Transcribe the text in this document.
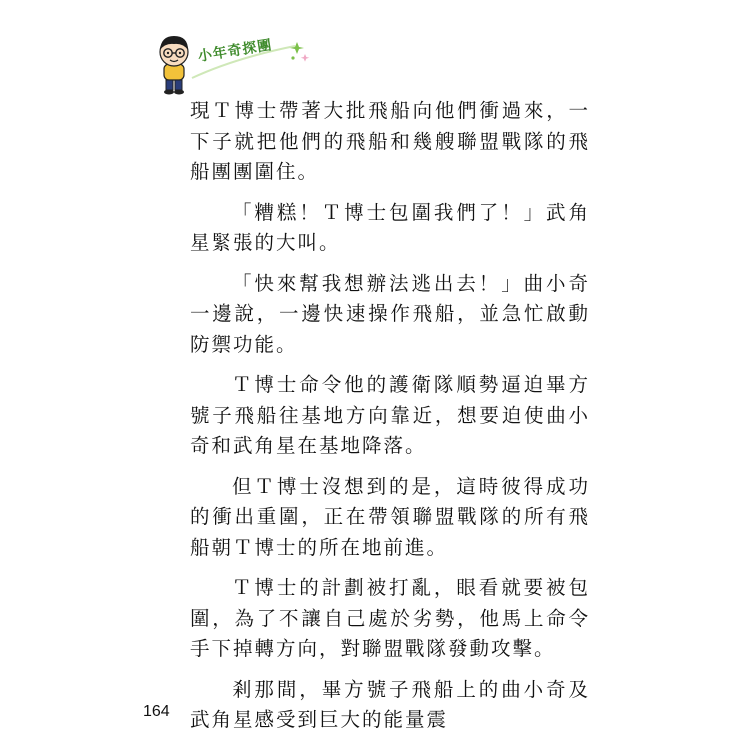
小年奇探團

現Ｔ博士帶著大批飛船向他們衝過來，一下子就把他們的飛船和幾艘聯盟戰隊的飛船團團圍住。

「糟糕！Ｔ博士包圍我們了！」武角星緊張的大叫。

「快來幫我想辦法逃出去！」曲小奇一邊說，一邊快速操作飛船，並急忙啟動防禦功能。

Ｔ博士命令他的護衛隊順勢逼迫畢方號子飛船往基地方向靠近，想要迫使曲小奇和武角星在基地降落。

但Ｔ博士沒想到的是，這時彼得成功的衝出重圍，正在帶領聯盟戰隊的所有飛船朝Ｔ博士的所在地前進。

Ｔ博士的計劃被打亂，眼看就要被包圍，為了不讓自己處於劣勢，他馬上命令手下掉轉方向，對聯盟戰隊發動攻擊。

剎那間，畢方號子飛船上的曲小奇及武角星感受到巨大的能量震

164
